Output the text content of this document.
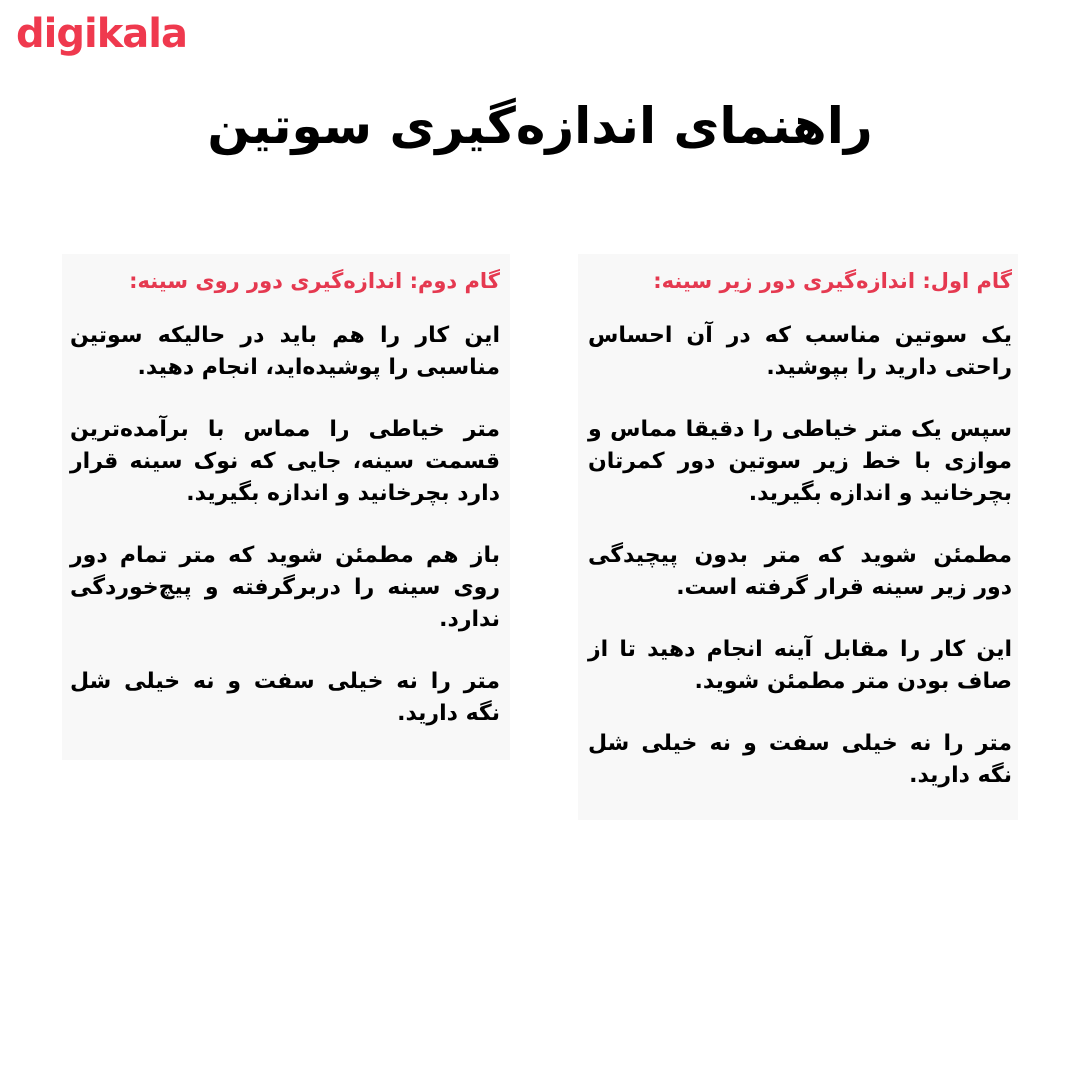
digikala
راهنمای اندازه‌گیری سوتین
گام اول: اندازه‌گیری دور زیر سینه:

یک سوتین مناسب که در آن احساس راحتی دارید را بپوشید.

سپس یک متر خیاطی را دقیقا مماس و موازی با خط زیر سوتین دور کمرتان بچرخانید و اندازه بگیرید.

مطمئن شوید که متر بدون پیچیدگی دور زیر سینه قرار گرفته است.

این کار را مقابل آینه انجام دهید تا از صاف بودن متر مطمئن شوید.

متر را نه خیلی سفت و نه خیلی شل نگه دارید.

گام دوم: اندازه‌گیری دور روی سینه:

این کار را هم باید در حالیکه سوتین مناسبی را پوشیده‌اید، انجام دهید.

متر خیاطی را مماس با برآمده‌ترین قسمت سینه، جایی که نوک سینه قرار دارد بچرخانید و اندازه بگیرید.

باز هم مطمئن شوید که متر تمام دور روی سینه را دربرگرفته و پیچ‌خوردگی ندارد.

متر را نه خیلی سفت و نه خیلی شل نگه دارید.
